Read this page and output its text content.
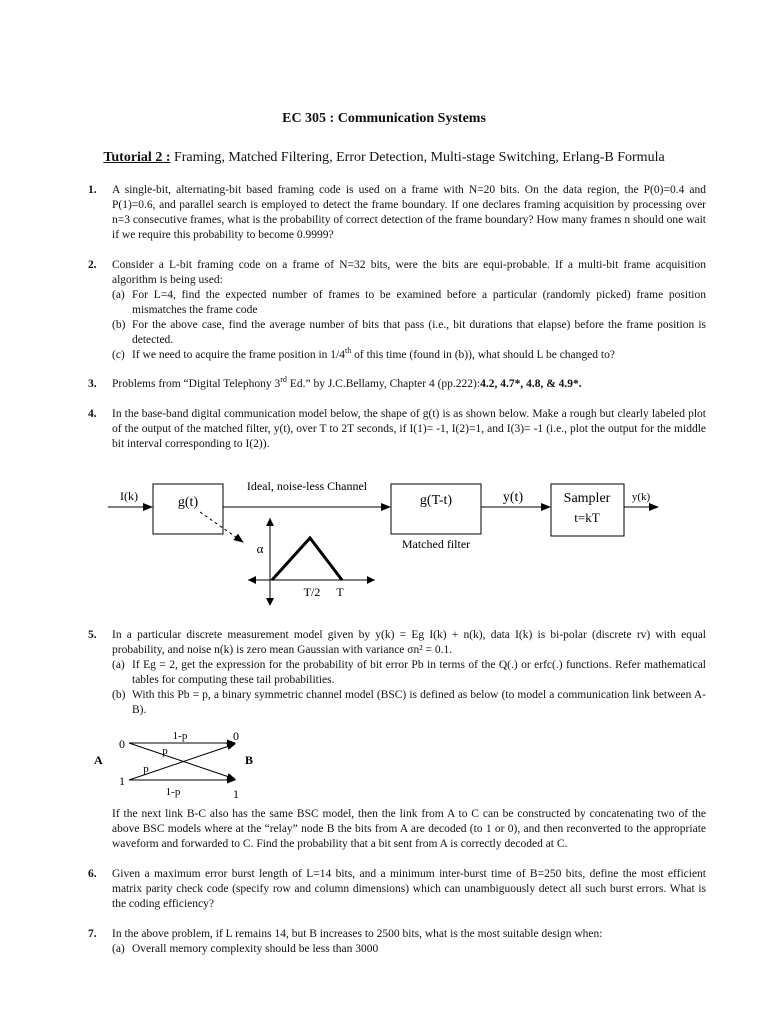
EC 305 : Communication Systems
Tutorial 2 : Framing, Matched Filtering, Error Detection, Multi-stage Switching, Erlang-B Formula
1. A single-bit, alternating-bit based framing code is used on a frame with N=20 bits. On the data region, the P(0)=0.4 and P(1)=0.6, and parallel search is employed to detect the frame boundary. If one declares framing acquisition by processing over n=3 consecutive frames, what is the probability of correct detection of the frame boundary? How many frames n should one wait if we require this probability to become 0.9999?
2. Consider a L-bit framing code on a frame of N=32 bits, were the bits are equi-probable. If a multi-bit frame acquisition algorithm is being used:
(a) For L=4, find the expected number of frames to be examined before a particular (randomly picked) frame position mismatches the frame code
(b) For the above case, find the average number of bits that pass (i.e., bit durations that elapse) before the frame position is detected.
(c) If we need to acquire the frame position in 1/4th of this time (found in (b)), what should L be changed to?
3. Problems from “Digital Telephony 3rd Ed.” by J.C.Bellamy, Chapter 4 (pp.222):4.2, 4.7*, 4.8, & 4.9*.
4. In the base-band digital communication model below, the shape of g(t) is as shown below. Make a rough but clearly labeled plot of the output of the matched filter, y(t), over T to 2T seconds, if I(1)= -1, I(2)=1, and I(3)= -1 (i.e., plot the output for the middle bit interval corresponding to I(2)).
I(k)	g(t)
Ideal, noise-less Channel
g(T-t)	y(t)	Sampler
t=kT
y(k)
Matched filter
α
T/2 T
5. In a particular discrete measurement model given by y(k) = Eg I(k) + n(k), data I(k) is bi-polar (discrete rv) with equal probability, and noise n(k) is zero mean Gaussian with variance σn² = 0.1.
(a) If Eg = 2, get the expression for the probability of bit error Pb in terms of the Q(.) or erfc(.) functions. Refer mathematical tables for computing these tail probabilities.
(b) With this Pb = p, a binary symmetric channel model (BSC) is defined as below (to model a communication link between A-B).
A	B
0
1
0
1
1-p
1-p
p
p
If the next link B-C also has the same BSC model, then the link from A to C can be constructed by concatenating two of the above BSC models where at the “relay” node B the bits from A are decoded (to 1 or 0), and then reconverted to the appropriate waveform and forwarded to C. Find the probability that a bit sent from A is correctly decoded at C.
6. Given a maximum error burst length of L=14 bits, and a minimum inter-burst time of B=250 bits, define the most efficient matrix parity check code (specify row and column dimensions) which can unambiguously detect all such burst errors. What is the coding efficiency?
7. In the above problem, if L remains 14, but B increases to 2500 bits, what is the most suitable design when:
(a) Overall memory complexity should be less than 3000
